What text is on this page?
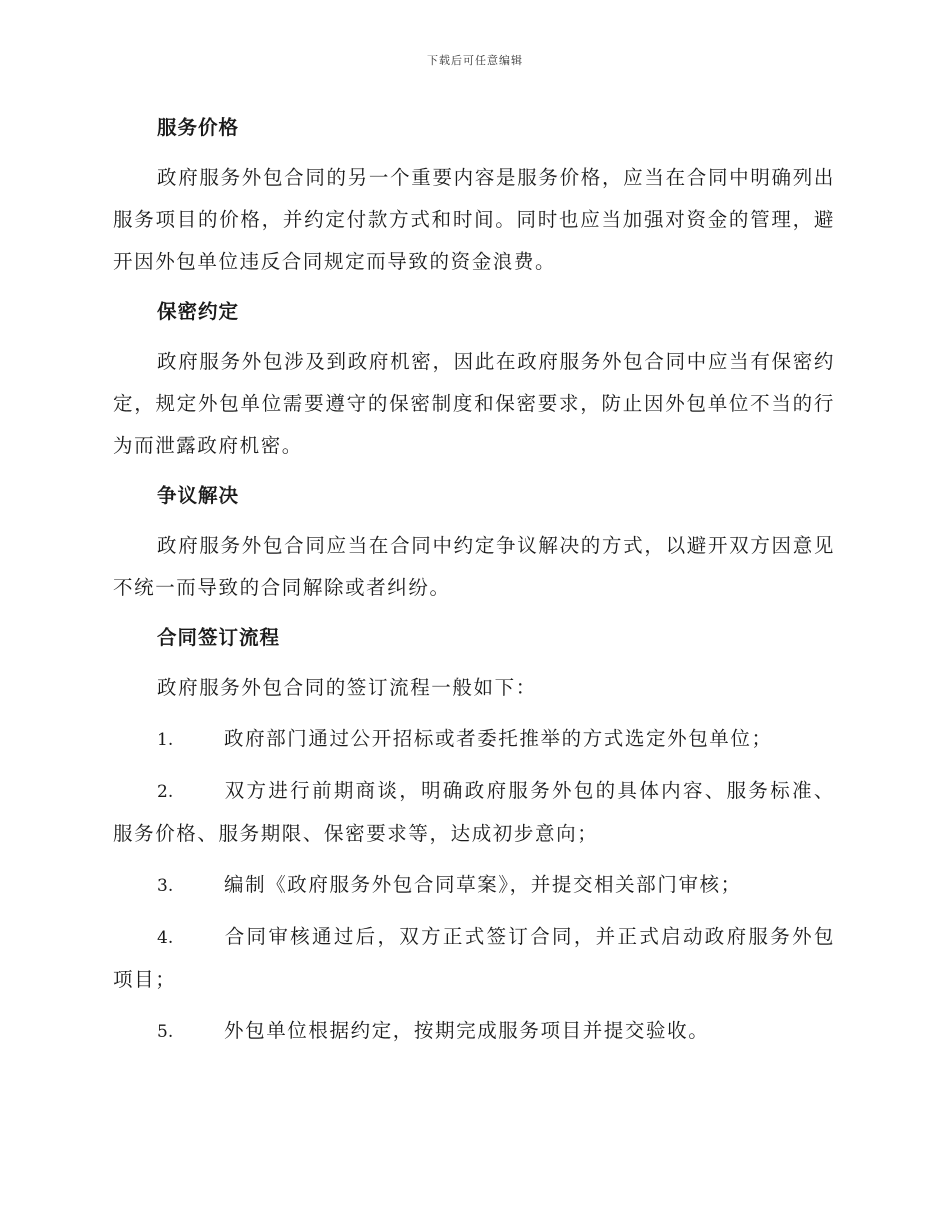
下载后可任意编辑
服务价格

政府服务外包合同的另一个重要内容是服务价格，应当在合同中明确列出服务项目的价格，并约定付款方式和时间。同时也应当加强对资金的管理，避开因外包单位违反合同规定而导致的资金浪费。

保密约定

政府服务外包涉及到政府机密，因此在政府服务外包合同中应当有保密约定，规定外包单位需要遵守的保密制度和保密要求，防止因外包单位不当的行为而泄露政府机密。

争议解决

政府服务外包合同应当在合同中约定争议解决的方式，以避开双方因意见不统一而导致的合同解除或者纠纷。

合同签订流程

政府服务外包合同的签订流程一般如下：

1.	政府部门通过公开招标或者委托推举的方式选定外包单位；

2.	双方进行前期商谈，明确政府服务外包的具体内容、服务标准、服务价格、服务期限、保密要求等，达成初步意向；

3.	编制《政府服务外包合同草案》，并提交相关部门审核；

4.	合同审核通过后，双方正式签订合同，并正式启动政府服务外包项目；

5.	外包单位根据约定，按期完成服务项目并提交验收。
